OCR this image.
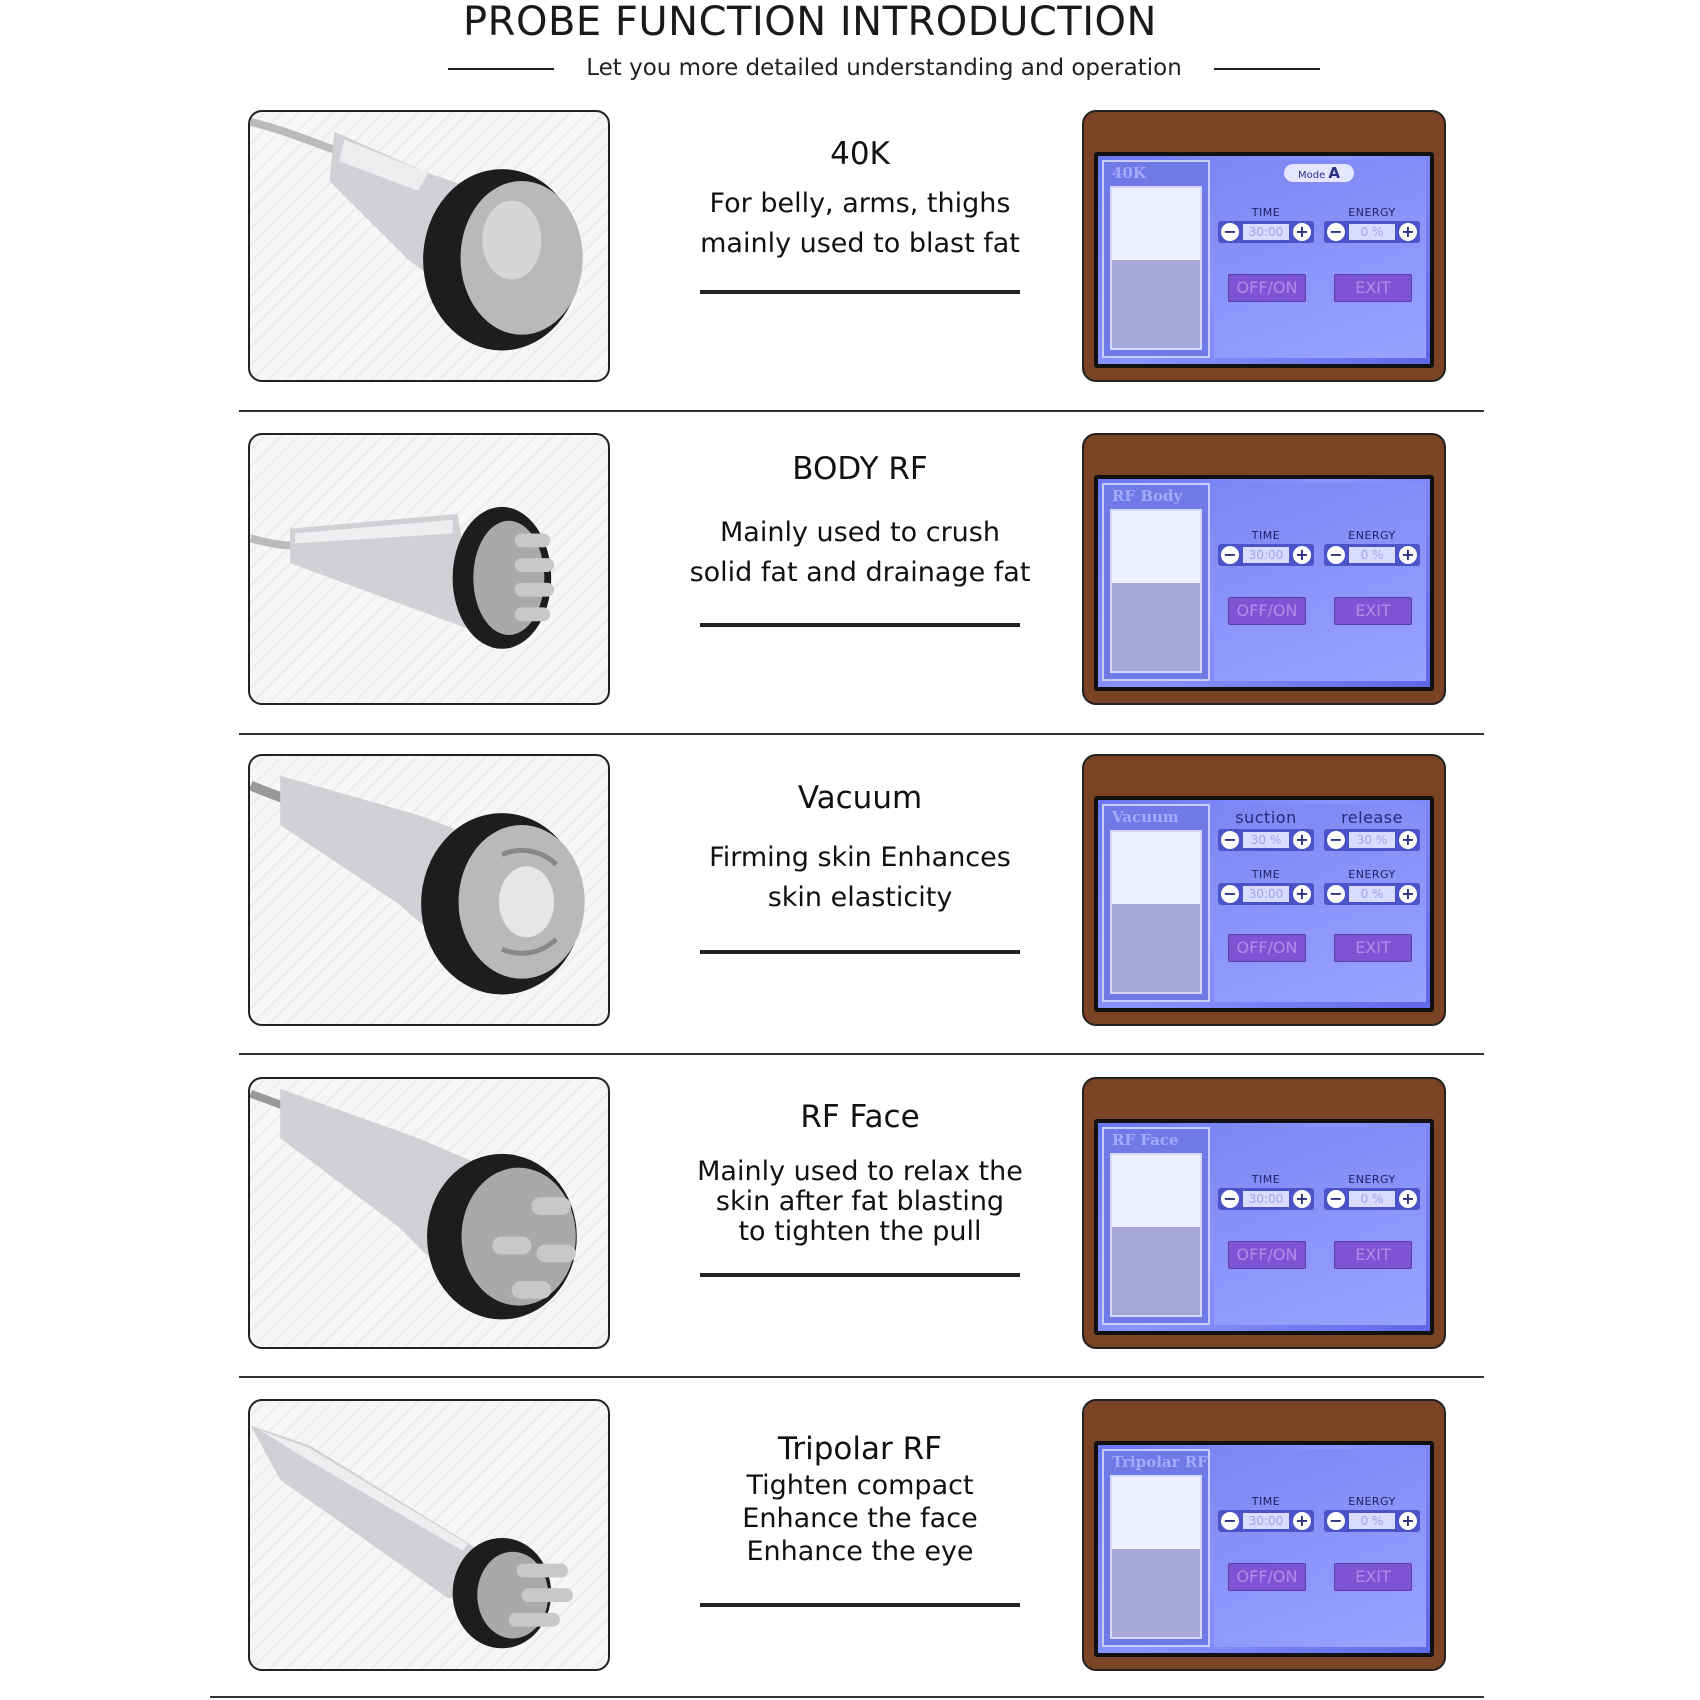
PROBE FUNCTION INTRODUCTION
Let you more detailed understanding and operation
40K
For belly, arms, thighs
mainly used to blast fat
40K	Mode A
TIME
−	30:00 +
ENERGY
−	0 %	+
OFF/ON	EXIT
BODY RF
Mainly used to crush
solid fat and drainage fat
RF Body
TIME
−	30:00 +
ENERGY
−	0 %	+
OFF/ON	EXIT
Vacuum
Firming skin Enhances
skin elasticity
Vacuum	suction
−	30 % +
release
−	30 % +
TIME
−	30:00 +
ENERGY
−	0 %	+
OFF/ON	EXIT
RF Face
Mainly used to relax the
skin after fat blasting
to tighten the pull
RF Face
TIME
−	30:00 +
ENERGY
−	0 %	+
OFF/ON	EXIT
Tripolar RF
Tighten compact
Enhance the face
Enhance the eye
Tripolar RF
TIME
−	30:00 +
ENERGY
−	0 %	+
OFF/ON	EXIT
